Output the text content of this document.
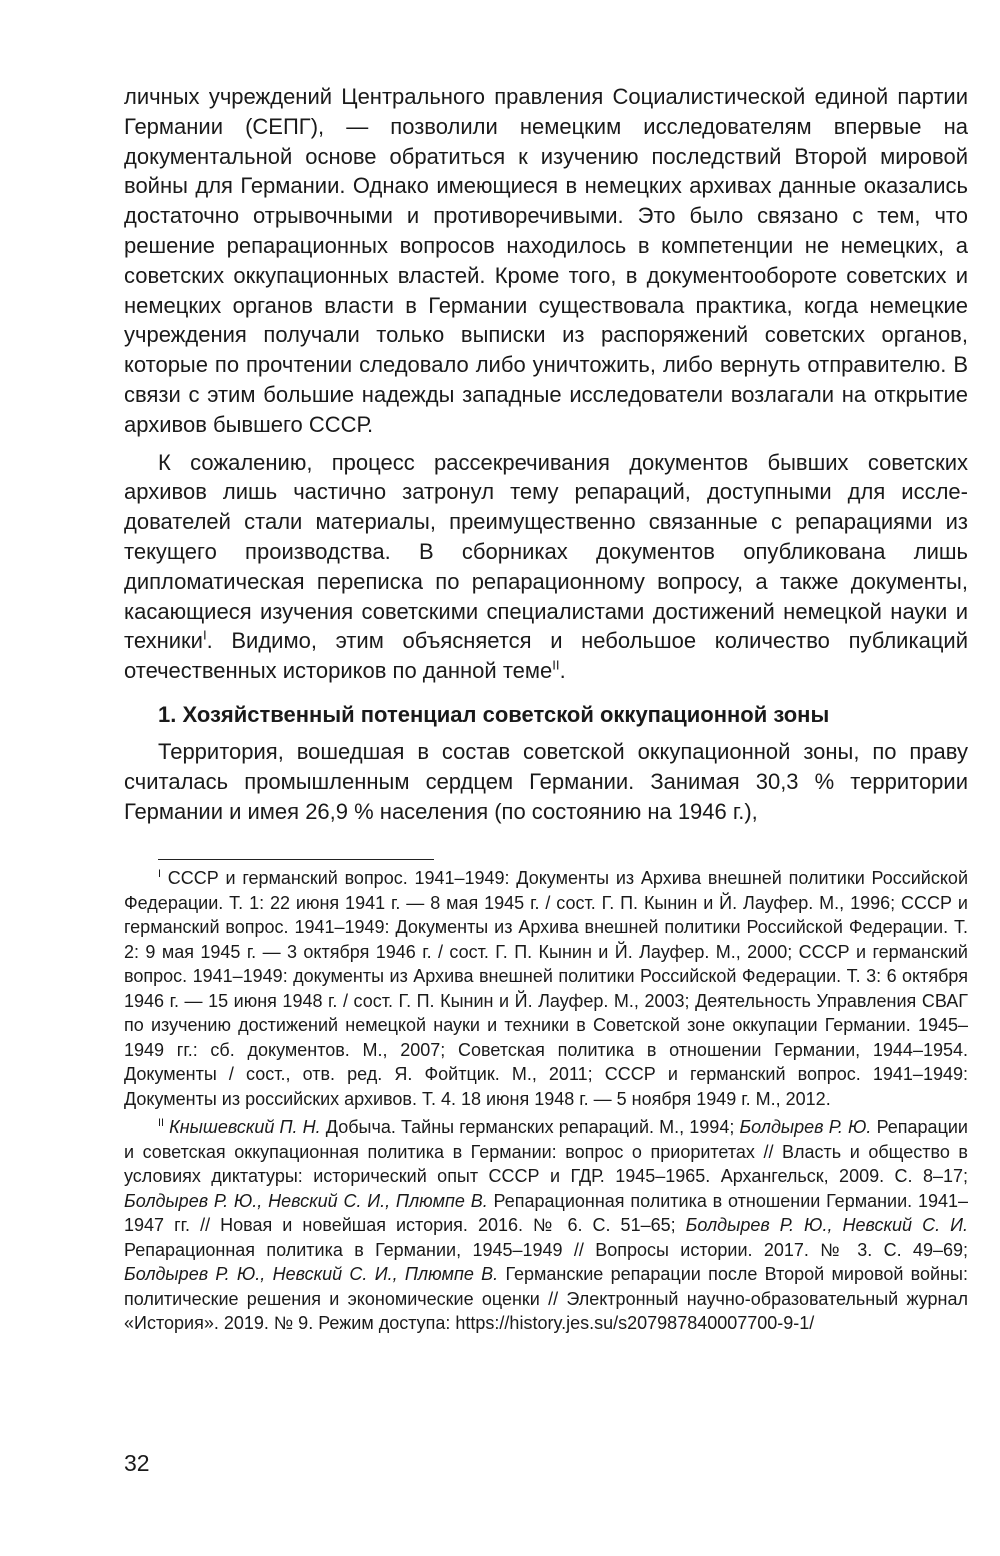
личных учреждений Центрального правления Социалистической единой партии Германии (СЕПГ), — позволили немецким исследователям впервые на документальной основе обратиться к изучению последствий Второй мировой войны для Германии. Однако имеющиеся в немецких архивах данные оказались достаточно отрывочными и противоречивыми. Это было связано с тем, что решение репарационных вопросов находилось в компетенции не немецких, а советских оккупационных властей. Кроме того, в документообороте советских и немецких органов власти в Германии существовала практика, когда немецкие учреждения получали только выписки из распоряжений советских органов, которые по прочтении следовало либо уничтожить, либо вернуть отправителю. В связи с этим большие надежды западные исследователи возлагали на открытие архивов бывшего СССР.

К сожалению, процесс рассекречивания документов бывших советских архивов лишь частично затронул тему репараций, доступными для исследователей стали материалы, преимущественно связанные с репарациями из текущего производства. В сборниках документов опубликована лишь дипломатическая переписка по репарационному вопросу, а также документы, касающиеся изучения советскими специалистами достижений немецкой науки и техники$^I$. Видимо, этим объясняется и небольшое количество публикаций отечественных историков по данной теме$^{II}$.

1. Хозяйственный потенциал советской оккупационной зоны

Территория, вошедшая в состав советской оккупационной зоны, по праву считалась промышленным сердцем Германии. Занимая 30,3 % территории Германии и имея 26,9 % населения (по состоянию на 1946 г.),

$^I$ СССР и германский вопрос. 1941–1949: Документы из Архива внешней политики Российской Федерации. Т. 1: 22 июня 1941 г. — 8 мая 1945 г. / сост. Г. П. Кынин и Й. Лауфер. М., 1996; СССР и германский вопрос. 1941–1949: Документы из Архива внешней политики Российской Федерации. Т. 2: 9 мая 1945 г. — 3 октября 1946 г. / сост. Г. П. Кынин и Й. Лауфер. М., 2000; СССР и германский вопрос. 1941–1949: документы из Архива внешней политики Российской Федерации. Т. 3: 6 октября 1946 г. — 15 июня 1948 г. / сост. Г. П. Кынин и Й. Лауфер. М., 2003; Деятельность Управления СВАГ по изучению достижений немецкой науки и техники в Советской зоне оккупации Германии. 1945–1949 гг.: сб. документов. М., 2007; Советская политика в отношении Германии, 1944–1954. Документы / сост., отв. ред. Я. Фойтцик. М., 2011; СССР и германский вопрос. 1941–1949: Документы из российских архивов. Т. 4. 18 июня 1948 г. — 5 ноября 1949 г. М., 2012.

$^{II}$ Кнышевский П. Н. Добыча. Тайны германских репараций. М., 1994; Болдырев Р. Ю. Репарации и советская оккупационная политика в Германии: вопрос о приоритетах // Власть и общество в условиях диктатуры: исторический опыт СССР и ГДР. 1945–1965. Архангельск, 2009. С. 8–17; Болдырев Р. Ю., Невский С. И., Плюмпе В. Репарационная политика в отношении Германии. 1941–1947 гг. // Новая и новейшая история. 2016. № 6. С. 51–65; Болдырев Р. Ю., Невский С. И. Репарационная политика в Германии, 1945–1949 // Вопросы истории. 2017. № 3. С. 49–69; Болдырев Р. Ю., Невский С. И., Плюмпе В. Германские репарации после Второй мировой войны: политические решения и экономические оценки // Электронный научно-образовательный журнал «История». 2019. № 9. Режим доступа: https://history.jes.su/s207987840007700-9-1/

32
